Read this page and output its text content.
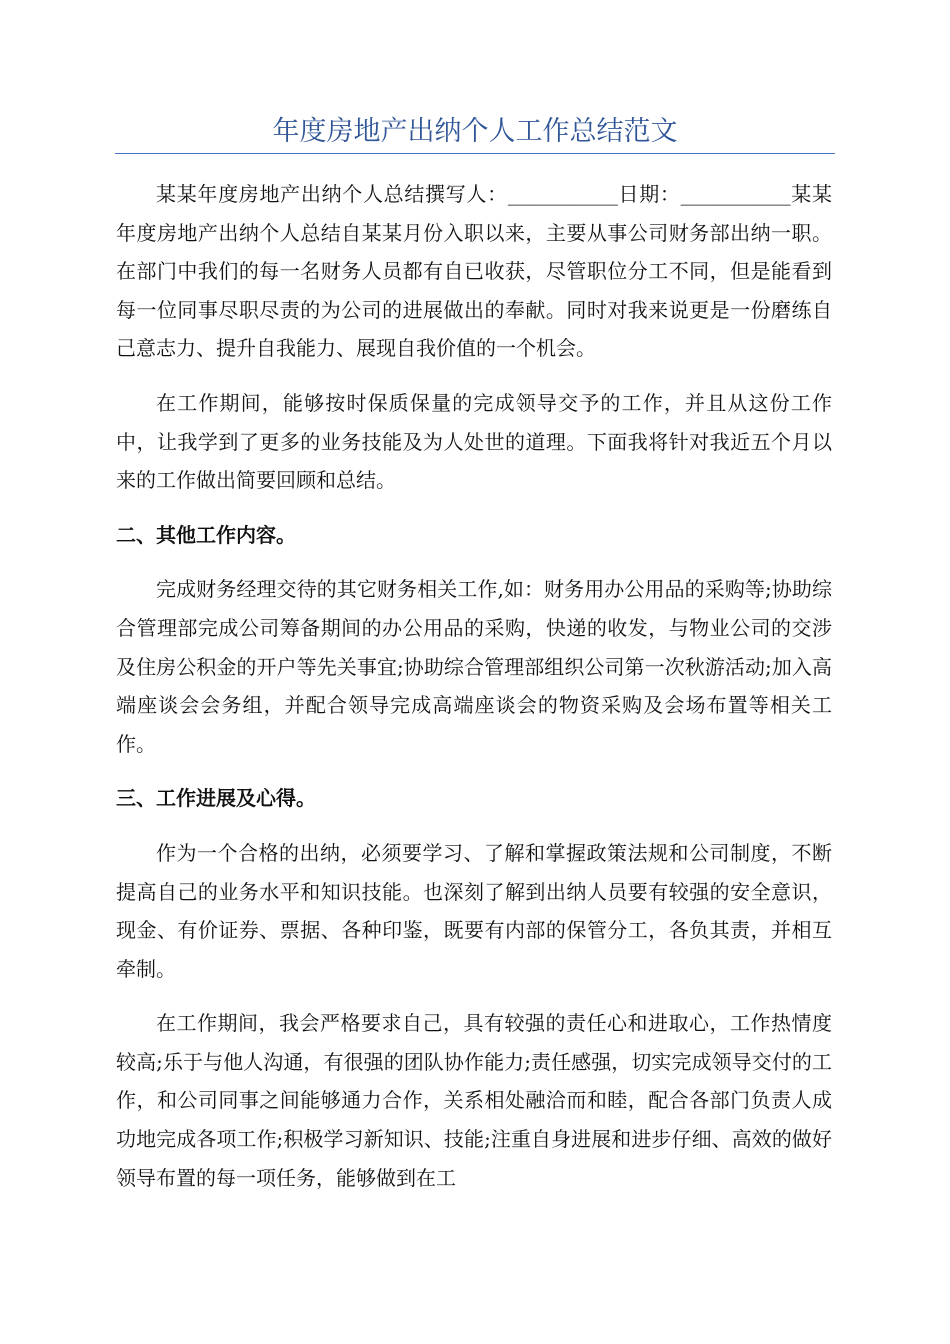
年度房地产出纳个人工作总结范文

某某年度房地产出纳个人总结撰写人：___________日期：___________某某年度房地产出纳个人总结自某某月份入职以来，主要从事公司财务部出纳一职。在部门中我们的每一名财务人员都有自已收获，尽管职位分工不同，但是能看到每一位同事尽职尽责的为公司的进展做出的奉献。同时对我来说更是一份磨练自己意志力、提升自我能力、展现自我价值的一个机会。

在工作期间，能够按时保质保量的完成领导交予的工作，并且从这份工作中，让我学到了更多的业务技能及为人处世的道理。下面我将针对我近五个月以来的工作做出简要回顾和总结。

二、其他工作内容。

完成财务经理交待的其它财务相关工作,如：财务用办公用品的采购等;协助综合管理部完成公司筹备期间的办公用品的采购，快递的收发，与物业公司的交涉及住房公积金的开户等先关事宜;协助综合管理部组织公司第一次秋游活动;加入高端座谈会会务组，并配合领导完成高端座谈会的物资采购及会场布置等相关工作。

三、工作进展及心得。

作为一个合格的出纳，必须要学习、了解和掌握政策法规和公司制度，不断提高自己的业务水平和知识技能。也深刻了解到出纳人员要有较强的安全意识，现金、有价证券、票据、各种印鉴，既要有内部的保管分工，各负其责，并相互牵制。

在工作期间，我会严格要求自己，具有较强的责任心和进取心，工作热情度较高;乐于与他人沟通，有很强的团队协作能力;责任感强，切实完成领导交付的工作，和公司同事之间能够通力合作，关系相处融洽而和睦，配合各部门负责人成功地完成各项工作;积极学习新知识、技能;注重自身进展和进步仔细、高效的做好领导布置的每一项任务，能够做到在工
